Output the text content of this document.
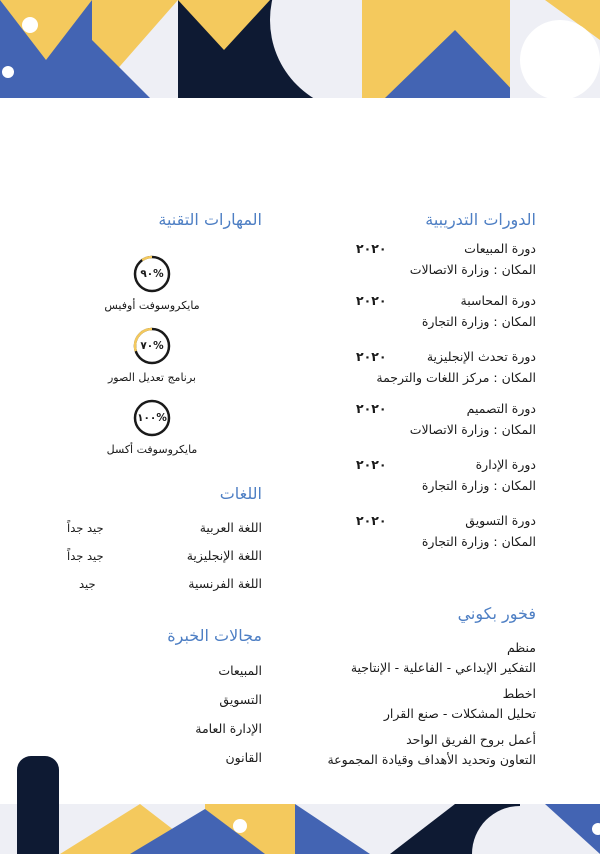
الدورات التدريبية
دورة المبيعات
٢٠٢٠
المكان : وزارة الاتصالات
دورة المحاسبة
٢٠٢٠
المكان : وزارة التجارة
دورة تحدث الإنجليزية
٢٠٢٠
المكان : مركز اللغات والترجمة
دورة التصميم
٢٠٢٠
المكان : وزارة الاتصالات
دورة الإدارة
٢٠٢٠
المكان : وزارة التجارة
دورة التسويق
٢٠٢٠
المكان : وزارة التجارة
فخور بكوني
منظم
التفكير الإبداعي - الفاعلية - الإنتاجية
اخطط
تحليل المشكلات - صنع القرار
أعمل بروح الفريق الواحد
التعاون وتحديد الأهداف وقيادة المجموعة
المهارات التقنية
%٩٠
مايكروسوفت أوفيس
%٧٠
برنامج تعديل الصور
%١٠٠
مايكروسوفت أكسل
اللغات
اللغة العربية
جيد جداً
اللغة الإنجليزية
جيد جداً
اللغة الفرنسية
جيد
مجالات الخبرة
المبيعات
التسويق
الإدارة العامة
القانون
